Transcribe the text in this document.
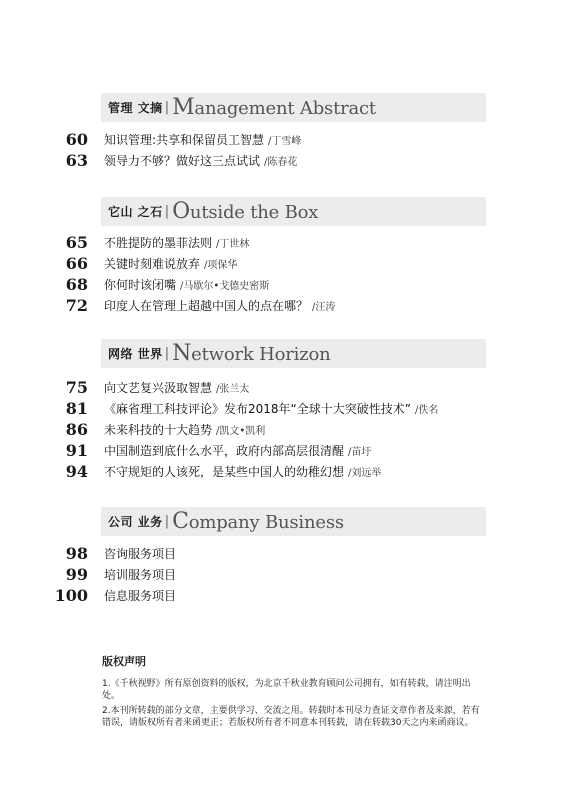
管理 文摘 | Management Abstract
60 知识管理:共享和保留员工智慧 /丁雪峰
63 领导力不够？做好这三点试试 /陈春花
它山 之石 | Outside the Box
65 不胜提防的墨菲法则 /丁世林
66 关键时刻难说放弃 /项保华
68 你何时该闭嘴 /马歇尔•戈德史密斯
72 印度人在管理上超越中国人的点在哪？ /汪涛
网络 世界 | Network Horizon
75 向文艺复兴汲取智慧 /张兰太
81 《麻省理工科技评论》发布2018年“全球十大突破性技术” /佚名
86 未来科技的十大趋势 /凯文•凯利
91 中国制造到底什么水平，政府内部高层很清醒 /苗圩
94 不守规矩的人该死，是某些中国人的幼稚幻想 /刘远举
公司 业务 | Company Business
98 咨询服务项目
99 培训服务项目
100 信息服务项目
版权声明

1.《千秋视野》所有原创资料的版权，为北京千秋业教育顾问公司拥有，如有转载，请注明出处。

2.本刊所转载的部分文章，主要供学习、交流之用。转载时本刊尽力查证文章作者及来源，若有错误，请版权所有者来函更正；若版权所有者不同意本刊转载，请在转载30天之内来函商议。
